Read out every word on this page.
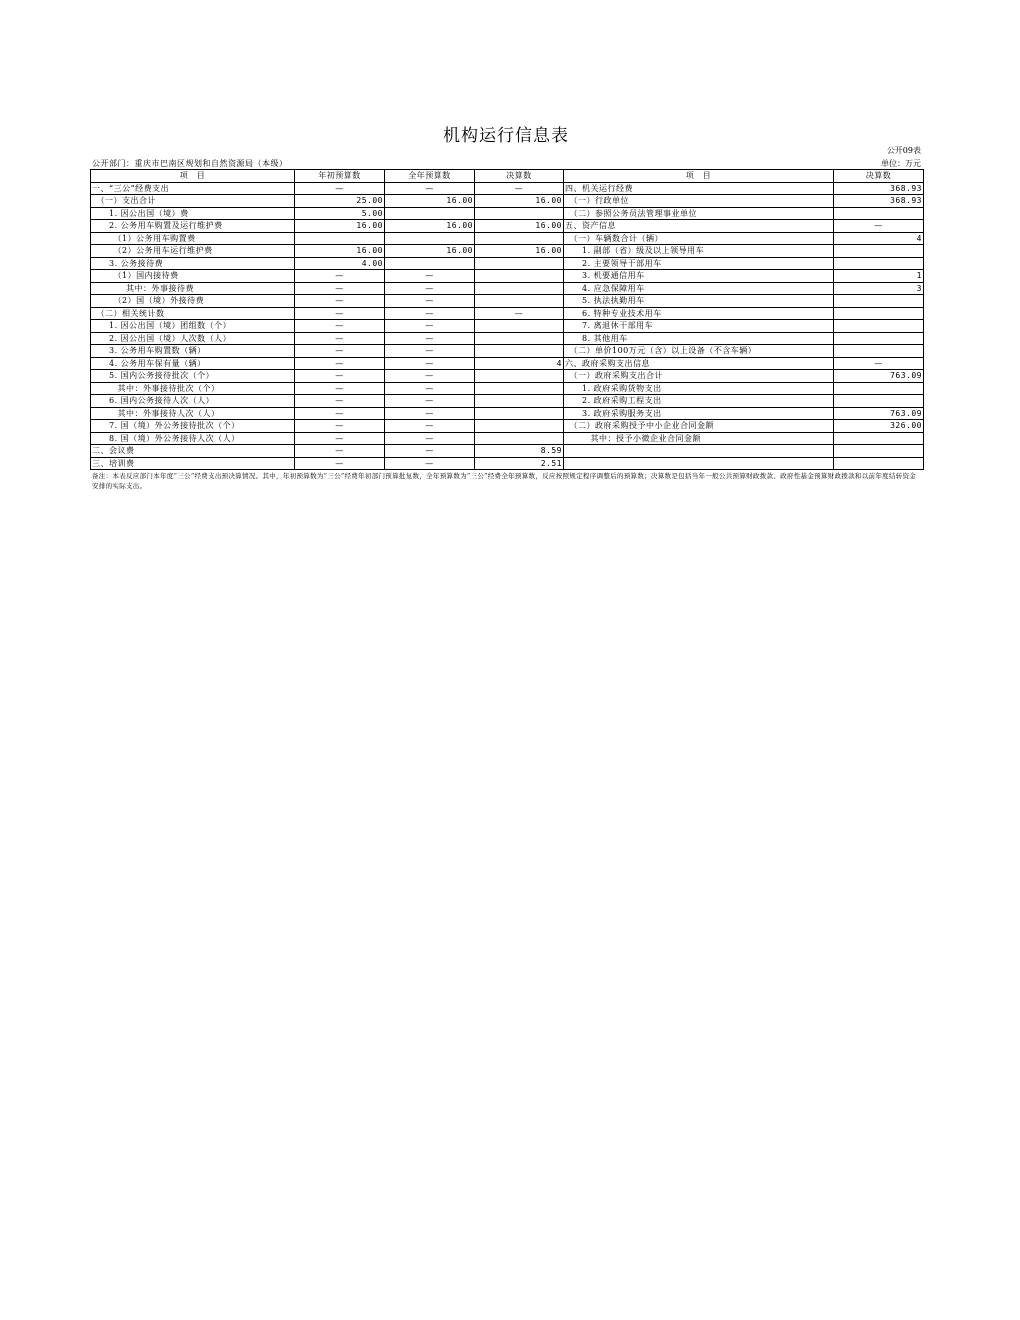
机构运行信息表
公开09表
公开部门：重庆市巴南区规划和自然资源局（本级）	单位：万元
项　目	年初预算数	全年预算数	决算数	项　目	决算数
一、“三公”经费支出	—	—	—	四、机关运行经费	368.93
　（一）支出合计	25.00	16.00	16.00	　（一）行政单位	368.93
　　1. 因公出国（境）费	5.00			　（二）参照公务员法管理事业单位	
　　2. 公务用车购置及运行维护费	16.00	16.00	16.00	五、资产信息	—
　　　（1）公务用车购置费				　（一）车辆数合计（辆）	4
　　　（2）公务用车运行维护费	16.00	16.00	16.00	　　1. 副部（省）级及以上领导用车	
　　3. 公务接待费	4.00			　　2. 主要领导干部用车	
　　　（1）国内接待费	—	—		　　3. 机要通信用车	1
　　　　其中：外事接待费	—	—		　　4. 应急保障用车	3
　　　（2）国（境）外接待费	—	—		　　5. 执法执勤用车	
　（二）相关统计数	—	—	—	　　6. 特种专业技术用车	
　　1. 因公出国（境）团组数（个）	—	—		　　7. 离退休干部用车	
　　2. 因公出国（境）人次数（人）	—	—		　　8. 其他用车	
　　3. 公务用车购置数（辆）	—	—		　（二）单价100万元（含）以上设备（不含车辆）	
　　4. 公务用车保有量（辆）	—	—	4	六、政府采购支出信息	—
　　5. 国内公务接待批次（个）	—	—		　（一）政府采购支出合计	763.09
　　　其中：外事接待批次（个）	—	—		　　1. 政府采购货物支出	
　　6. 国内公务接待人次（人）	—	—		　　2. 政府采购工程支出	
　　　其中：外事接待人次（人）	—	—		　　3. 政府采购服务支出	763.09
　　7. 国（境）外公务接待批次（个）	—	—		　（二）政府采购授予中小企业合同金额	326.00
　　8. 国（境）外公务接待人次（人）	—	—		　　　其中：授予小微企业合同金额	
二、会议费	—	—	8.59		
三、培训费	—	—	2.51		
备注：本表反应部门本年度“三公”经费支出预决算情况。其中，年初预算数为“三公”经费年初部门预算批复数，全年预算数为“三公”经费全年预算数，反应按照规定程序调整后的预算数；决算数是包括当年一般公共预算财政拨款、政府性基金预算财政拨款和以前年度结转资金安排的实际支出。
